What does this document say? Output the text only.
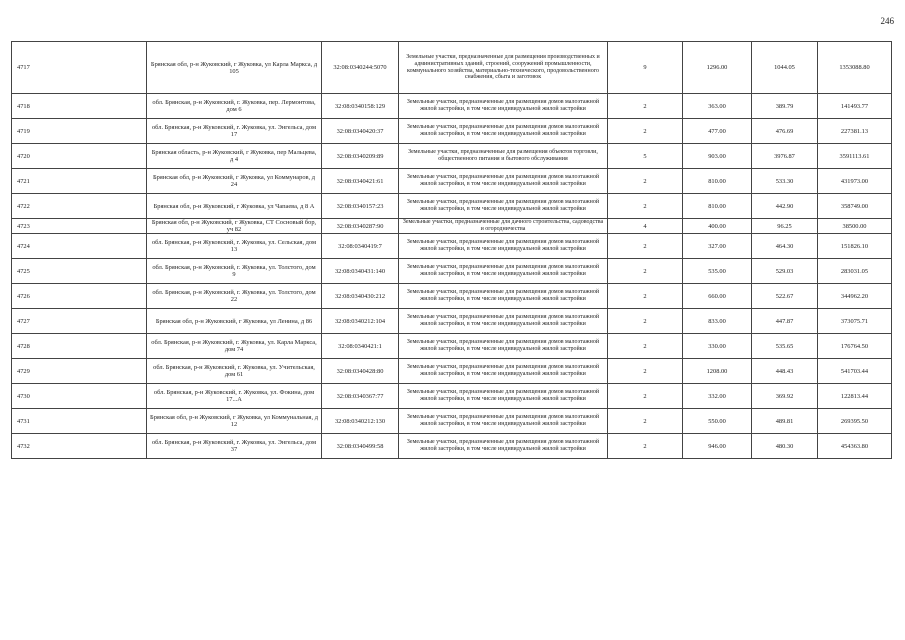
246
4717	Брянская обл, р-н Жуковский, г Жуковка, ул Карла Маркса, д 105	32:08:0340244:5070	Земельные участки, предназначенные для размещения производственных и административных зданий, строений, сооружений промышленности, коммунального хозяйства, материально-технического, продовольственного снабжения, сбыта и заготовок	9	1296.00	1044.05	1353088.80
4718	обл. Брянская, р-н Жуковский, г. Жуковка, пер. Лермонтова, дом 6	32:08:0340158:129	Земельные участки, предназначенные для размещения домов малоэтажной жилой застройки, в том числе индивидуальной жилой застройки	2	363.00	389.79	141493.77
4719	обл. Брянская, р-н Жуковский, г. Жуковка, ул. Энгельса, дом 17	32:08:0340420:37	Земельные участки, предназначенные для размещения домов малоэтажной жилой застройки, в том числе индивидуальной жилой застройки	2	477.00	476.69	227381.13
4720	Брянская область, р-н Жуковский, г Жуковка, пер Мальцева, д 4	32:08:0340209:89	Земельные участки, предназначенные для размещения объектов торговли, общественного питания и бытового обслуживания	5	903.00	3976.87	3591113.61
4721	Брянская обл, р-н Жуковский, г Жуковка, ул Коммунаров, д 24	32:08:0340421:61	Земельные участки, предназначенные для размещения домов малоэтажной жилой застройки, в том числе индивидуальной жилой застройки	2	810.00	533.30	431973.00
4722	Брянская обл, р-н Жуковский, г Жуковка, ул Чапаева, д 8 А	32:08:0340157:23	Земельные участки, предназначенные для размещения домов малоэтажной жилой застройки, в том числе индивидуальной жилой застройки	2	810.00	442.90	358749.00
4723	Брянская обл, р-н Жуковский, г Жуковка, СТ Сосновый бор, уч 82	32:08:0340287:90	Земельные участки, предназначенные для дачного строительства, садоводства и огородничества	4	400.00	96.25	38500.00
4724	обл. Брянская, р-н Жуковский, г. Жуковка, ул. Сельская, дом 13	32:08:0340419:7	Земельные участки, предназначенные для размещения домов малоэтажной жилой застройки, в том числе индивидуальной жилой застройки	2	327.00	464.30	151826.10
4725	обл. Брянская, р-н Жуковский, г. Жуковка, ул. Толстого, дом 9	32:08:0340431:140	Земельные участки, предназначенные для размещения домов малоэтажной жилой застройки, в том числе индивидуальной жилой застройки	2	535.00	529.03	283031.05
4726	обл. Брянская, р-н Жуковский, г. Жуковка, ул. Толстого, дом 22	32:08:0340430:212	Земельные участки, предназначенные для размещения домов малоэтажной жилой застройки, в том числе индивидуальной жилой застройки	2	660.00	522.67	344962.20
4727	Брянская обл, р-н Жуковский, г Жуковка, ул Ленина, д 86	32:08:0340212:104	Земельные участки, предназначенные для размещения домов малоэтажной жилой застройки, в том числе индивидуальной жилой застройки	2	833.00	447.87	373075.71
4728	обл. Брянская, р-н Жуковский, г. Жуковка, ул. Карла Маркса, дом 74	32:08:0340421:1	Земельные участки, предназначенные для размещения домов малоэтажной жилой застройки, в том числе индивидуальной жилой застройки	2	330.00	535.65	176764.50
4729	обл. Брянская, р-н Жуковский, г. Жуковка, ул. Учительская, дом 61	32:08:0340428:80	Земельные участки, предназначенные для размещения домов малоэтажной жилой застройки, в том числе индивидуальной жилой застройки	2	1208.00	448.43	541703.44
4730	обл. Брянская, р-н Жуковский, г. Жуковка, ул. Фокина, дом 17...А	32:08:0340367:77	Земельные участки, предназначенные для размещения домов малоэтажной жилой застройки, в том числе индивидуальной жилой застройки	2	332.00	369.92	122813.44
4731	Брянская обл, р-н Жуковский, г Жуковка, ул Коммунальная, д 12	32:08:0340212:130	Земельные участки, предназначенные для размещения домов малоэтажной жилой застройки, в том числе индивидуальной жилой застройки	2	550.00	489.81	269395.50
4732	обл. Брянская, р-н Жуковский, г. Жуковка, ул. Энгельса, дом 37	32:08:0340499:58	Земельные участки, предназначенные для размещения домов малоэтажной жилой застройки, в том числе индивидуальной жилой застройки	2	946.00	480.30	454363.80
